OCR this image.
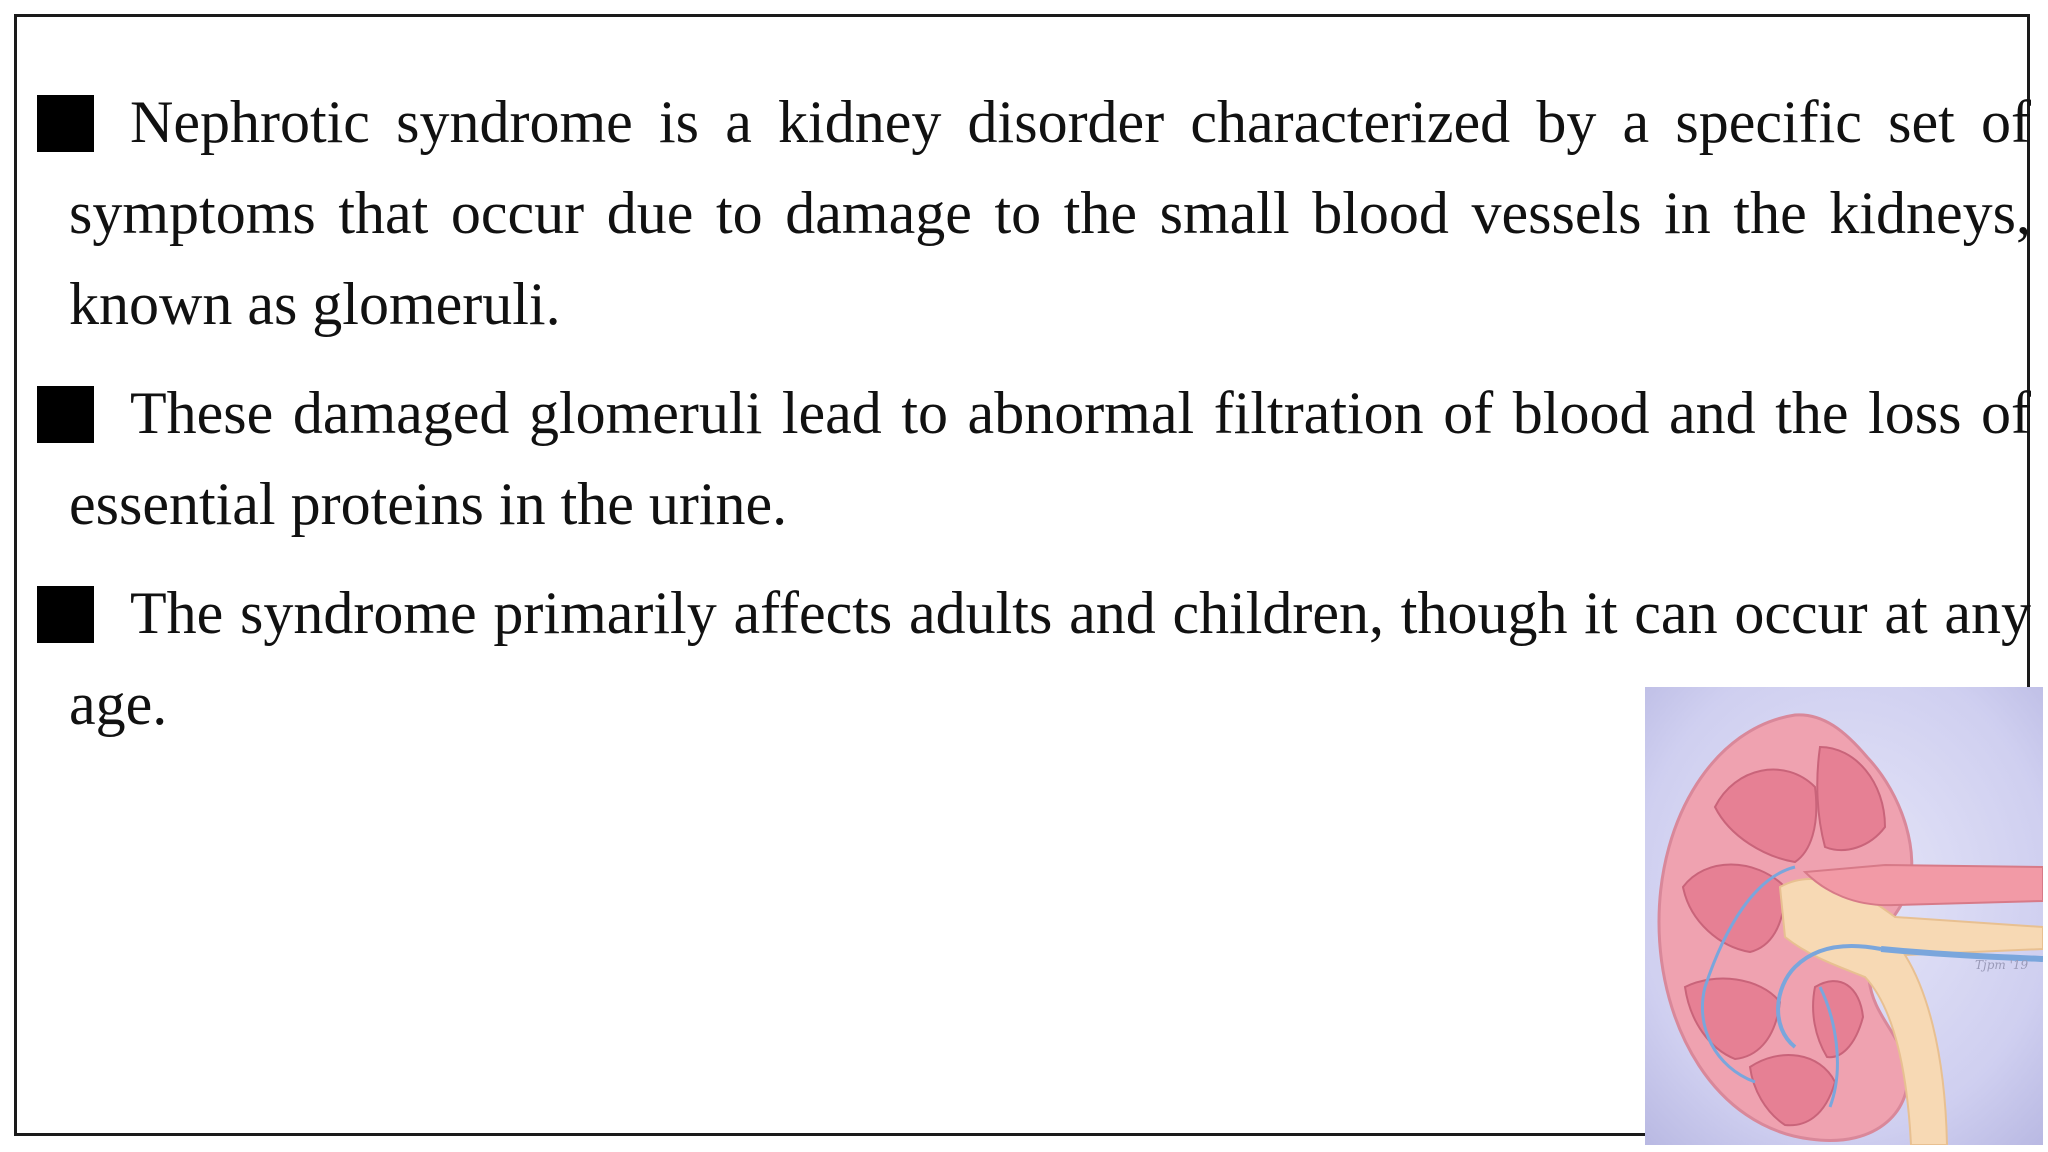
Nephrotic syndrome is a kidney disorder characterized by a specific set of symptoms that occur due to damage to the small blood vessels in the kidneys, known as glomeruli.
These damaged glomeruli lead to abnormal filtration of blood and the loss of essential proteins in the urine.
The syndrome primarily affects adults and children, though it can occur at any age.
Tjpm '19
